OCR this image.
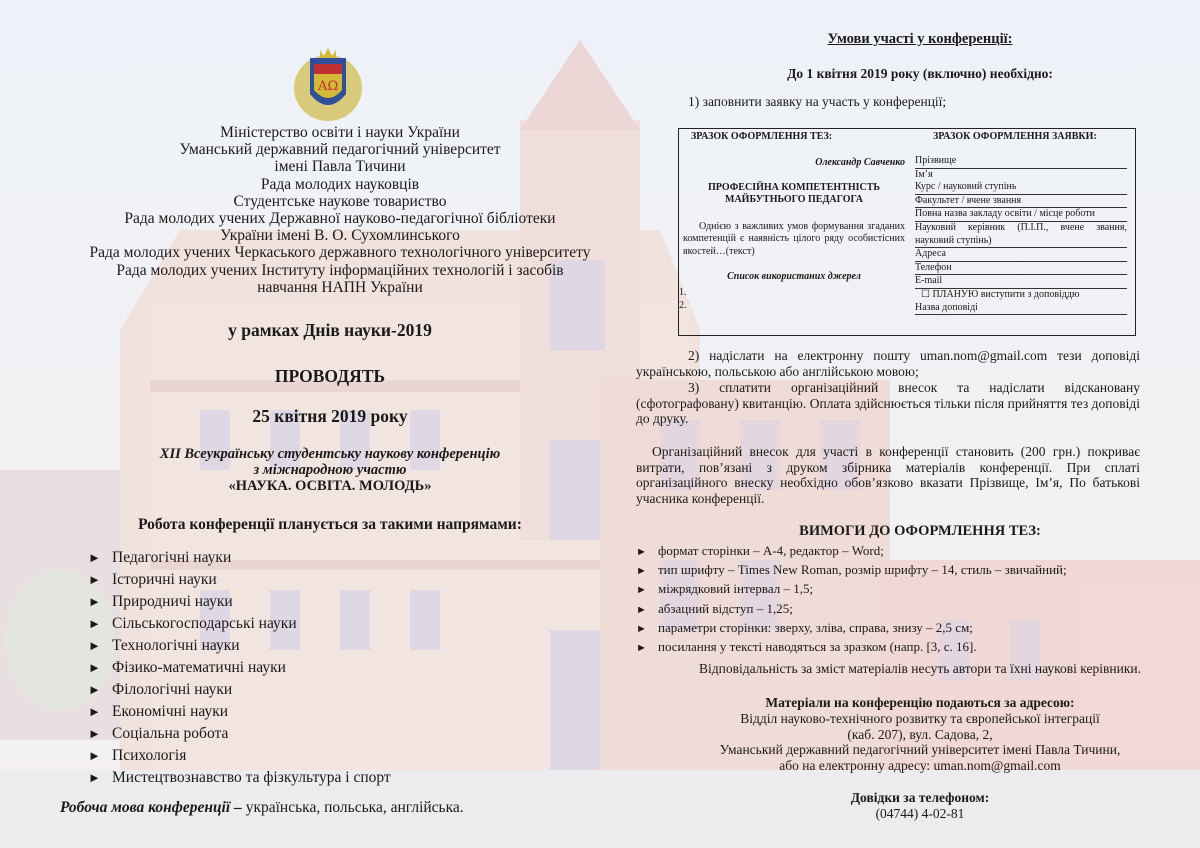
АΩ
Міністерство освіти і науки України
Уманський державний педагогічний університет
імені Павла Тичини
Рада молодих науковців
Студентське наукове товариство
Рада молодих учених Державної науково-педагогічної бібліотеки
України імені В. О. Сухомлинського
Рада молодих учених Черкаського державного технологічного університету
Рада молодих учених Інституту інформаційних технологій і засобів
навчання НАПН України
у рамках Днів науки-2019
ПРОВОДЯТЬ
25 квітня 2019 року
ХІІ Всеукраїнську студентську наукову конференцію
з міжнародною участю
«НАУКА. ОСВІТА. МОЛОДЬ»
Робота конференції планується за такими напрямами:
► Педагогічні науки
► Історичні науки
► Природничі науки
► Сільськогосподарські науки
► Технологічні науки
► Фізико-математичні науки
► Філологічні науки
► Економічні науки
► Соціальна робота
► Психологія
► Мистецтвознавство та фізкультура і спорт
Робоча мова конференції – українська, польська, англійська.
Умови участі у конференції:
До 1 квітня 2019 року (включно) необхідно:
1) заповнити заявку на участь у конференції;
ЗРАЗОК ОФОРМЛЕННЯ ТЕЗ:	ЗРАЗОК ОФОРМЛЕННЯ ЗАЯВКИ:
Олександр Савченко
ПРОФЕСІЙНА КОМПЕТЕНТНІСТЬ МАЙБУТНЬОГО ПЕДАГОГА
Однією з важливих умов формування згаданих компетенцій є наявність цілого ряду особистісних якостей…(текст)
Список використаних джерел
1.
2.
Прізвище
Ім’я
Курс / науковий ступінь
Факультет / вчене звання
Повна назва закладу освіти / місце роботи
Науковий керівник (П.І.П., вчене звання, науковий ступінь)
Адреса
Телефон
E-mail
☐ ПЛАНУЮ виступити з доповіддю
Назва доповіді
2) надіслати на електронну пошту uman.nom@gmail.com тези доповіді українською, польською або англійською мовою;
3) сплатити організаційний внесок та надіслати відскановану (сфотографовану) квитанцію. Оплата здійснюється тільки після прийняття тез доповіді до друку.
Організаційний внесок для участі в конференції становить (200 грн.) покриває витрати, пов’язані з друком збірника матеріалів конференції. При сплаті організаційного внеску необхідно обов’язково вказати Прізвище, Ім’я, По батькові учасника конференції.
ВИМОГИ ДО ОФОРМЛЕННЯ ТЕЗ:
► формат сторінки – А-4, редактор – Word;
► тип шрифту – Times New Roman, розмір шрифту – 14, стиль – звичайний;
► міжрядковий інтервал – 1,5;
► абзацний відступ – 1,25;
► параметри сторінки: зверху, зліва, справа, знизу – 2,5 см;
► посилання у тексті наводяться за зразком (напр. [3, с. 16].
Відповідальність за зміст матеріалів несуть автори та їхні наукові керівники.
Матеріали на конференцію подаються за адресою:
Відділ науково-технічного розвитку та європейської інтеграції
(каб. 207), вул. Садова, 2,
Уманський державний педагогічний університет імені Павла Тичини,
або на електронну адресу: uman.nom@gmail.com
Довідки за телефоном:
(04744) 4-02-81
